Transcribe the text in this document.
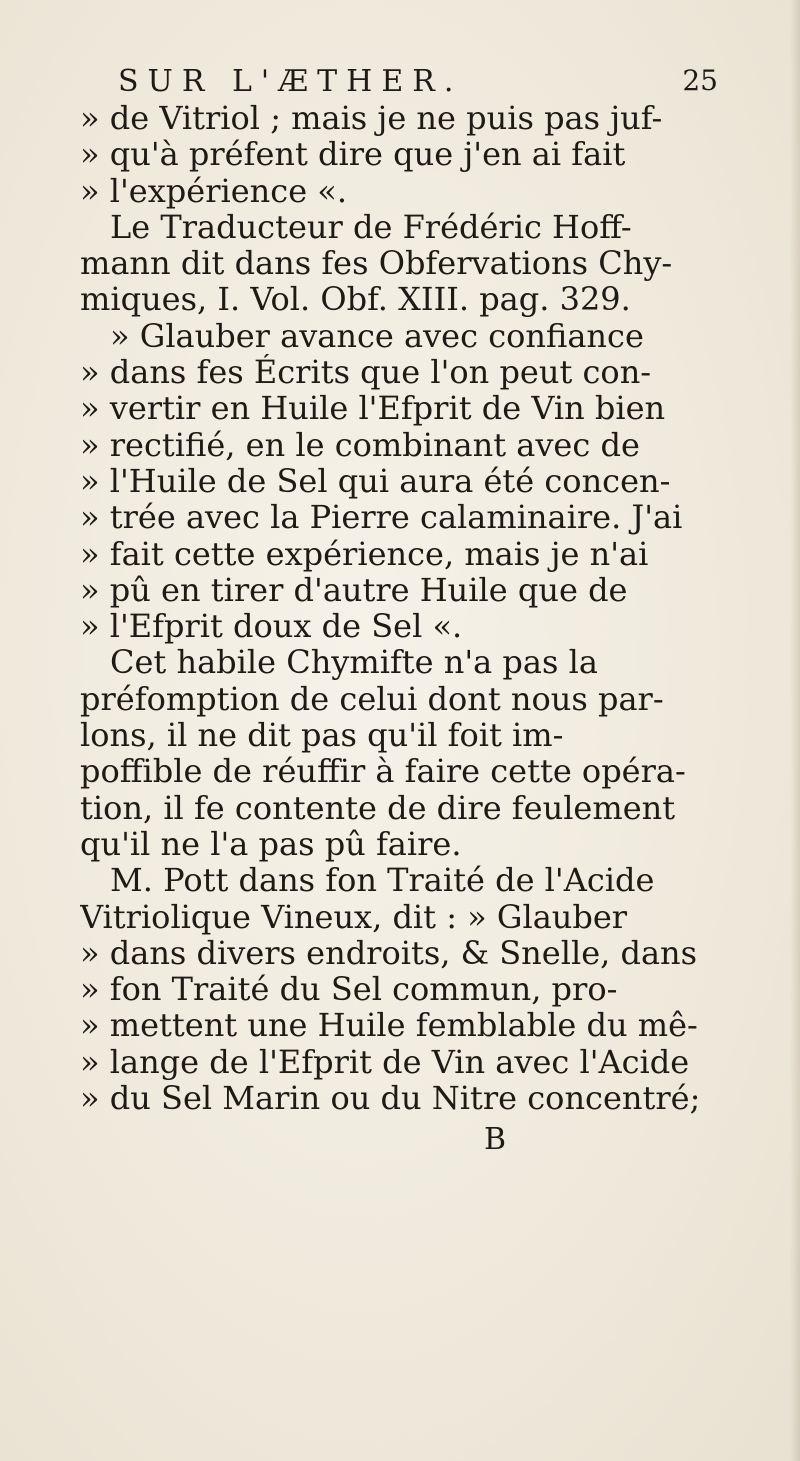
SUR L'ÆTHER.	25
» de Vitriol ; mais je ne puis pas juf-
» qu'à préfent dire que j'en ai fait
» l'expérience «.
Le Traducteur de Frédéric Hoff-
mann dit dans fes Obfervations Chy-
miques, I. Vol. Obf. XIII. pag. 329.
» Glauber avance avec confiance
» dans fes Écrits que l'on peut con-
» vertir en Huile l'Efprit de Vin bien
» rectifié, en le combinant avec de
» l'Huile de Sel qui aura été concen-
» trée avec la Pierre calaminaire. J'ai
» fait cette expérience, mais je n'ai
» pû en tirer d'autre Huile que de
» l'Efprit doux de Sel «.
Cet habile Chymifte n'a pas la
préfomption de celui dont nous par-
lons, il ne dit pas qu'il foit im-
poffible de réuffir à faire cette opéra-
tion, il fe contente de dire feulement
qu'il ne l'a pas pû faire.
M. Pott dans fon Traité de l'Acide
Vitriolique Vineux, dit : » Glauber
» dans divers endroits, & Snelle, dans
» fon Traité du Sel commun, pro-
» mettent une Huile femblable du mê-
» lange de l'Efprit de Vin avec l'Acide
» du Sel Marin ou du Nitre concentré;
B
